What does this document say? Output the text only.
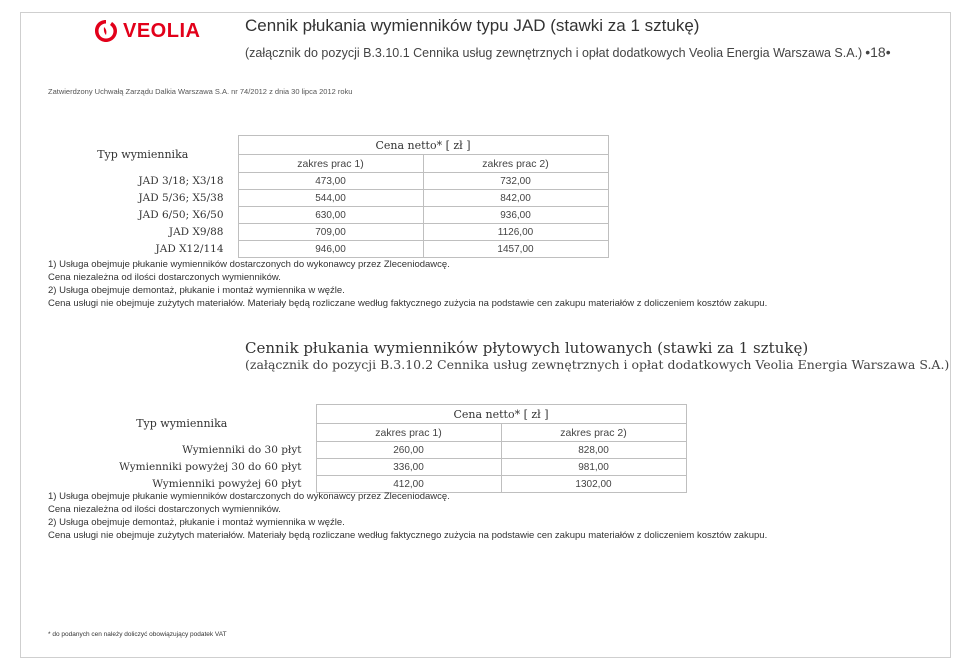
VEOLIA	Cennik płukania wymienników typu JAD (stawki za 1 sztukę)
(załącznik do pozycji B.3.10.1 Cennika usług zewnętrznych i opłat dodatkowych Veolia Energia Warszawa S.A.) •18•
Zatwierdzony Uchwałą Zarządu Dalkia Warszawa S.A. nr 74/2012 z dnia 30 lipca 2012 roku
Typ wymiennika	Cena netto* [ zł ]	
	zakres prac 1)	zakres prac 2)
JAD 3/18; X3/18	473,00	732,00
JAD 5/36; X5/38	544,00	842,00
JAD 6/50; X6/50	630,00	936,00
JAD X9/88	709,00	1126,00
JAD X12/114	946,00	1457,00
1) Usługa obejmuje płukanie wymienników dostarczonych do wykonawcy przez Zleceniodawcę.
Cena niezależna od ilości dostarczonych wymienników.
2) Usługa obejmuje demontaż, płukanie i montaż wymiennika w węźle.
Cena usługi nie obejmuje zużytych materiałów. Materiały będą rozliczane według faktycznego zużycia na podstawie cen zakupu materiałów z doliczeniem kosztów zakupu.
Cennik płukania wymienników płytowych lutowanych (stawki za 1 sztukę)
(załącznik do pozycji B.3.10.2 Cennika usług zewnętrznych i opłat dodatkowych Veolia Energia Warszawa S.A.)
Typ wymiennika	Cena netto* [ zł ]	
	zakres prac 1)	zakres prac 2)
Wymienniki do 30 płyt	260,00	828,00
Wymienniki powyżej 30 do 60 płyt	336,00	981,00
Wymienniki powyżej 60 płyt	412,00	1302,00
1) Usługa obejmuje płukanie wymienników dostarczonych do wykonawcy przez Zleceniodawcę.
Cena niezależna od ilości dostarczonych wymienników.
2) Usługa obejmuje demontaż, płukanie i montaż wymiennika w węźle.
Cena usługi nie obejmuje zużytych materiałów. Materiały będą rozliczane według faktycznego zużycia na podstawie cen zakupu materiałów z doliczeniem kosztów zakupu.
* do podanych cen należy doliczyć obowiązujący podatek VAT
